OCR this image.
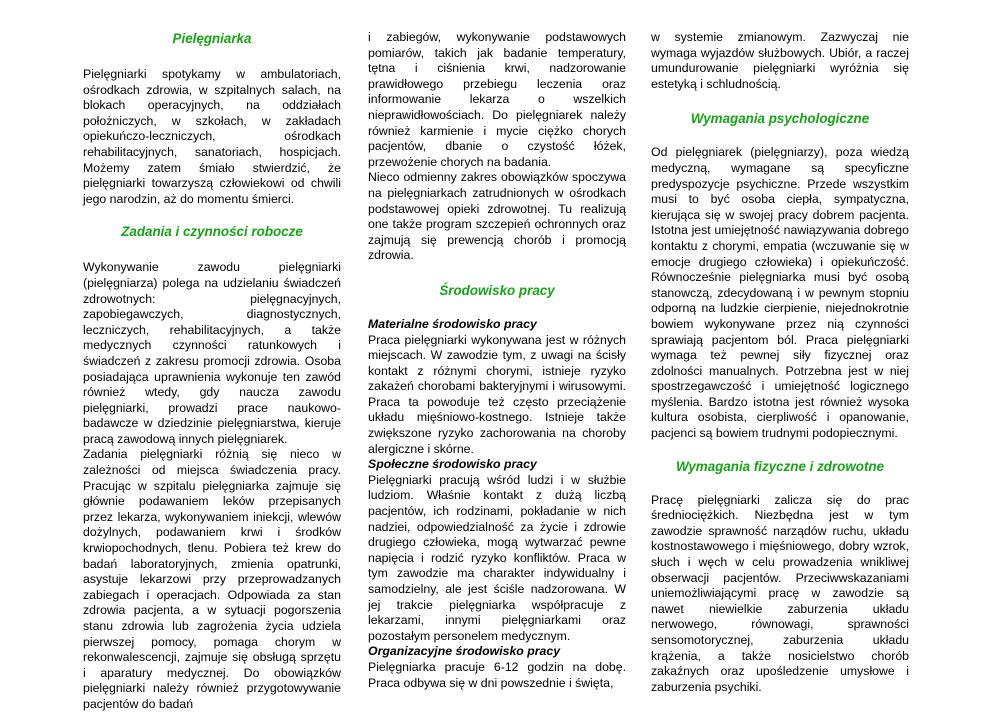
Pielęgniarka

Pielęgniarki spotykamy w ambulatoriach, ośrodkach zdrowia, w szpitalnych salach, na blokach operacyjnych, na oddziałach położniczych, w szkołach, w zakładach opiekuńczo-leczniczych, ośrodkach rehabilitacyjnych, sanatoriach, hospicjach. Możemy zatem śmiało stwierdzić, że pielęgniarki towarzyszą człowiekowi od chwili jego narodzin, aż do momentu śmierci.

Zadania i czynności robocze

Wykonywanie zawodu pielęgniarki (pielęgniarza) polega na udzielaniu świadczeń zdrowotnych: pielęgnacyjnych, zapobiegawczych, diagnostycznych, leczniczych, rehabilitacyjnych, a także medycznych czynności ratunkowych i świadczeń z zakresu promocji zdrowia. Osoba posiadająca uprawnienia wykonuje ten zawód również wtedy, gdy naucza zawodu pielęgniarki, prowadzi prace naukowo-badawcze w dziedzinie pielęgniarstwa, kieruje pracą zawodową innych pielęgniarek.

Zadania pielęgniarki różnią się nieco w zależności od miejsca świadczenia pracy. Pracując w szpitalu pielęgniarka zajmuje się głównie podawaniem leków przepisanych przez lekarza, wykonywaniem iniekcji, wlewów dożylnych, podawaniem krwi i środków krwiopochodnych, tlenu. Pobiera też krew do badań laboratoryjnych, zmienia opatrunki, asystuje lekarzowi przy przeprowadzanych zabiegach i operacjach. Odpowiada za stan zdrowia pacjenta, a w sytuacji pogorszenia stanu zdrowia lub zagrożenia życia udziela pierwszej pomocy, pomaga chorym w rekonwalescencji, zajmuje się obsługą sprzętu i aparatury medycznej. Do obowiązków pielęgniarki należy również przygotowywanie pacjentów do badań

i zabiegów, wykonywanie podstawowych pomiarów, takich jak badanie temperatury, tętna i ciśnienia krwi, nadzorowanie prawidłowego przebiegu leczenia oraz informowanie lekarza o wszelkich nieprawidłowościach. Do pielęgniarek należy również karmienie i mycie ciężko chorych pacjentów, dbanie o czystość łóżek, przewożenie chorych na badania.

Nieco odmienny zakres obowiązków spoczywa na pielęgniarkach zatrudnionych w ośrodkach podstawowej opieki zdrowotnej. Tu realizują one także program szczepień ochronnych oraz zajmują się prewencją chorób i promocją zdrowia.

Środowisko pracy

Materialne środowisko pracy

Praca pielęgniarki wykonywana jest w różnych miejscach. W zawodzie tym, z uwagi na ścisły kontakt z różnymi chorymi, istnieje ryzyko zakażeń chorobami bakteryjnymi i wirusowymi. Praca ta powoduje też często przeciążenie układu mięśniowo-kostnego. Istnieje także zwiększone ryzyko zachorowania na choroby alergiczne i skórne.

Społeczne środowisko pracy

Pielęgniarki pracują wśród ludzi i w służbie ludziom. Właśnie kontakt z dużą liczbą pacjentów, ich rodzinami, pokładanie w nich nadziei, odpowiedzialność za życie i zdrowie drugiego człowieka, mogą wytwarzać pewne napięcia i rodzić ryzyko konfliktów. Praca w tym zawodzie ma charakter indywidualny i samodzielny, ale jest ściśle nadzorowana. W jej trakcie pielęgniarka współpracuje z lekarzami, innymi pielęgniarkami oraz pozostałym personelem medycznym.

Organizacyjne środowisko pracy

Pielęgniarka pracuje 6-12 godzin na dobę. Praca odbywa się w dni powszednie i święta,

w systemie zmianowym. Zazwyczaj nie wymaga wyjazdów służbowych. Ubiór, a raczej umundurowanie pielęgniarki wyróżnia się estetyką i schludnością.

Wymagania psychologiczne

Od pielęgniarek (pielęgniarzy), poza wiedzą medyczną, wymagane są specyficzne predyspozycje psychiczne. Przede wszystkim musi to być osoba ciepła, sympatyczna, kierująca się w swojej pracy dobrem pacjenta. Istotna jest umiejętność nawiązywania dobrego kontaktu z chorymi, empatia (wczuwanie się w emocje drugiego człowieka) i opiekuńczość. Równocześnie pielęgniarka musi być osobą stanowczą, zdecydowaną i w pewnym stopniu odporną na ludzkie cierpienie, niejednokrotnie bowiem wykonywane przez nią czynności sprawiają pacjentom ból. Praca pielęgniarki wymaga też pewnej siły fizycznej oraz zdolności manualnych. Potrzebna jest w niej spostrzegawczość i umiejętność logicznego myślenia. Bardzo istotna jest również wysoka kultura osobista, cierpliwość i opanowanie, pacjenci są bowiem trudnymi podopiecznymi.

Wymagania fizyczne i zdrowotne

Pracę pielęgniarki zalicza się do prac średniociężkich. Niezbędna jest w tym zawodzie sprawność narządów ruchu, układu kostnostawowego i mięśniowego, dobry wzrok, słuch i węch w celu prowadzenia wnikliwej obserwacji pacjentów. Przeciwwskazaniami uniemożliwiającymi pracę w zawodzie są nawet niewielkie zaburzenia układu nerwowego, równowagi, sprawności sensomotorycznej, zaburzenia układu krążenia, a także nosicielstwo chorób zakaźnych oraz upośledzenie umysłowe i zaburzenia psychiki.
